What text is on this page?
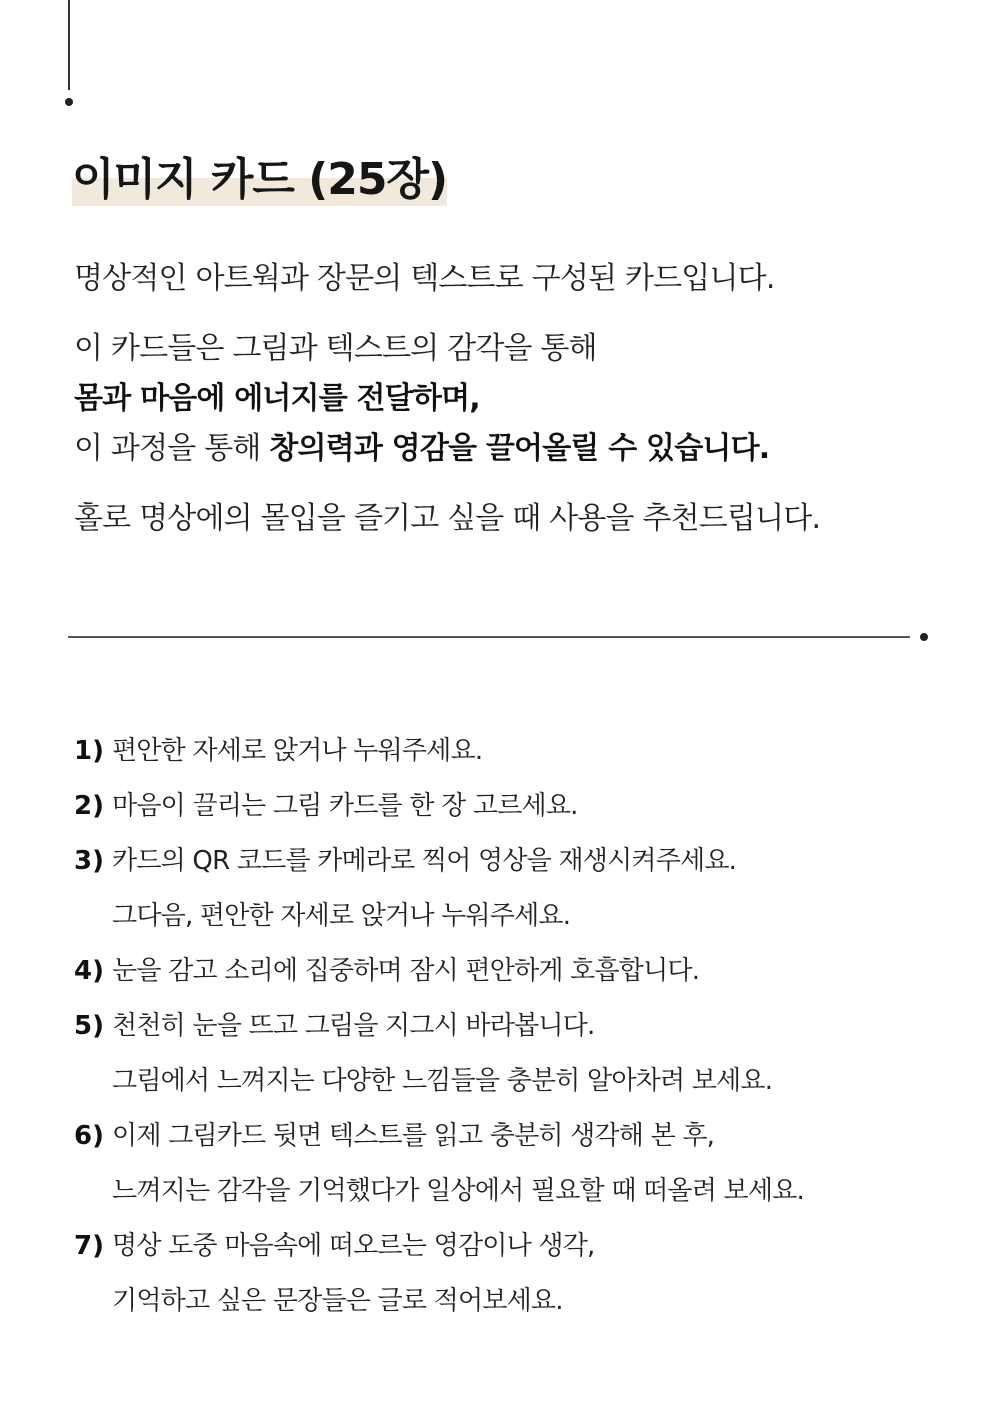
이미지 카드 (25장)

명상적인 아트웍과 장문의 텍스트로 구성된 카드입니다.

이 카드들은 그림과 텍스트의 감각을 통해
몸과 마음에 에너지를 전달하며,
이 과정을 통해 창의력과 영감을 끌어올릴 수 있습니다.

홀로 명상에의 몰입을 즐기고 싶을 때 사용을 추천드립니다.

1) 편안한 자세로 앉거나 누워주세요.
2) 마음이 끌리는 그림 카드를 한 장 고르세요.
3) 카드의 QR 코드를 카메라로 찍어 영상을 재생시켜주세요.
그다음, 편안한 자세로 앉거나 누워주세요.
4) 눈을 감고 소리에 집중하며 잠시 편안하게 호흡합니다.
5) 천천히 눈을 뜨고 그림을 지그시 바라봅니다.
그림에서 느껴지는 다양한 느낌들을 충분히 알아차려 보세요.
6) 이제 그림카드 뒷면 텍스트를 읽고 충분히 생각해 본 후,
느껴지는 감각을 기억했다가 일상에서 필요할 때 떠올려 보세요.
7) 명상 도중 마음속에 떠오르는 영감이나 생각,
기억하고 싶은 문장들은 글로 적어보세요.
